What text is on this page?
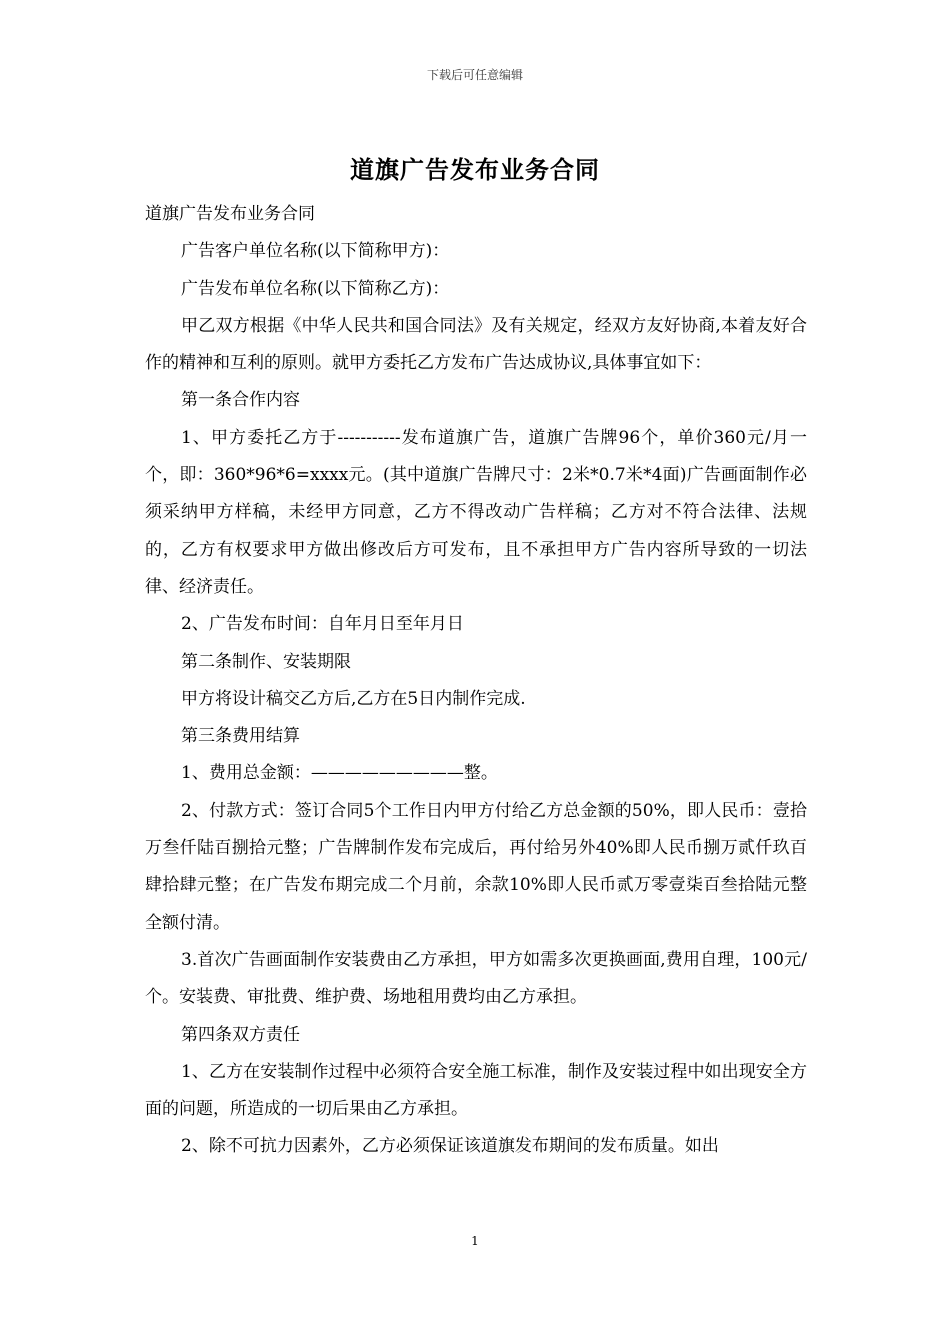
下载后可任意编辑
道旗广告发布业务合同

道旗广告发布业务合同

广告客户单位名称(以下简称甲方)：

广告发布单位名称(以下简称乙方)：

甲乙双方根据《中华人民共和国合同法》及有关规定，经双方友好协商,本着友好合作的精神和互利的原则。就甲方委托乙方发布广告达成协议,具体事宜如下：

第一条合作内容

1、甲方委托乙方于-----------发布道旗广告，道旗广告牌96个，单价360元/月一个，即：360*96*6=xxxx元。(其中道旗广告牌尺寸：2米*0.7米*4面)广告画面制作必须采纳甲方样稿，未经甲方同意，乙方不得改动广告样稿；乙方对不符合法律、法规的，乙方有权要求甲方做出修改后方可发布，且不承担甲方广告内容所导致的一切法律、经济责任。

2、广告发布时间：自年月日至年月日

第二条制作、安装期限

甲方将设计稿交乙方后,乙方在5日内制作完成.

第三条费用结算

1、费用总金额：—————————整。

2、付款方式：签订合同5个工作日内甲方付给乙方总金额的50%，即人民币：壹拾万叁仟陆百捌拾元整；广告牌制作发布完成后，再付给另外40%即人民币捌万贰仟玖百肆拾肆元整；在广告发布期完成二个月前，余款10%即人民币贰万零壹柒百叁拾陆元整全额付清。

3.首次广告画面制作安装费由乙方承担，甲方如需多次更换画面,费用自理，100元/个。安装费、审批费、维护费、场地租用费均由乙方承担。

第四条双方责任

1、乙方在安装制作过程中必须符合安全施工标准，制作及安装过程中如出现安全方面的问题，所造成的一切后果由乙方承担。

2、除不可抗力因素外，乙方必须保证该道旗发布期间的发布质量。如出

1
